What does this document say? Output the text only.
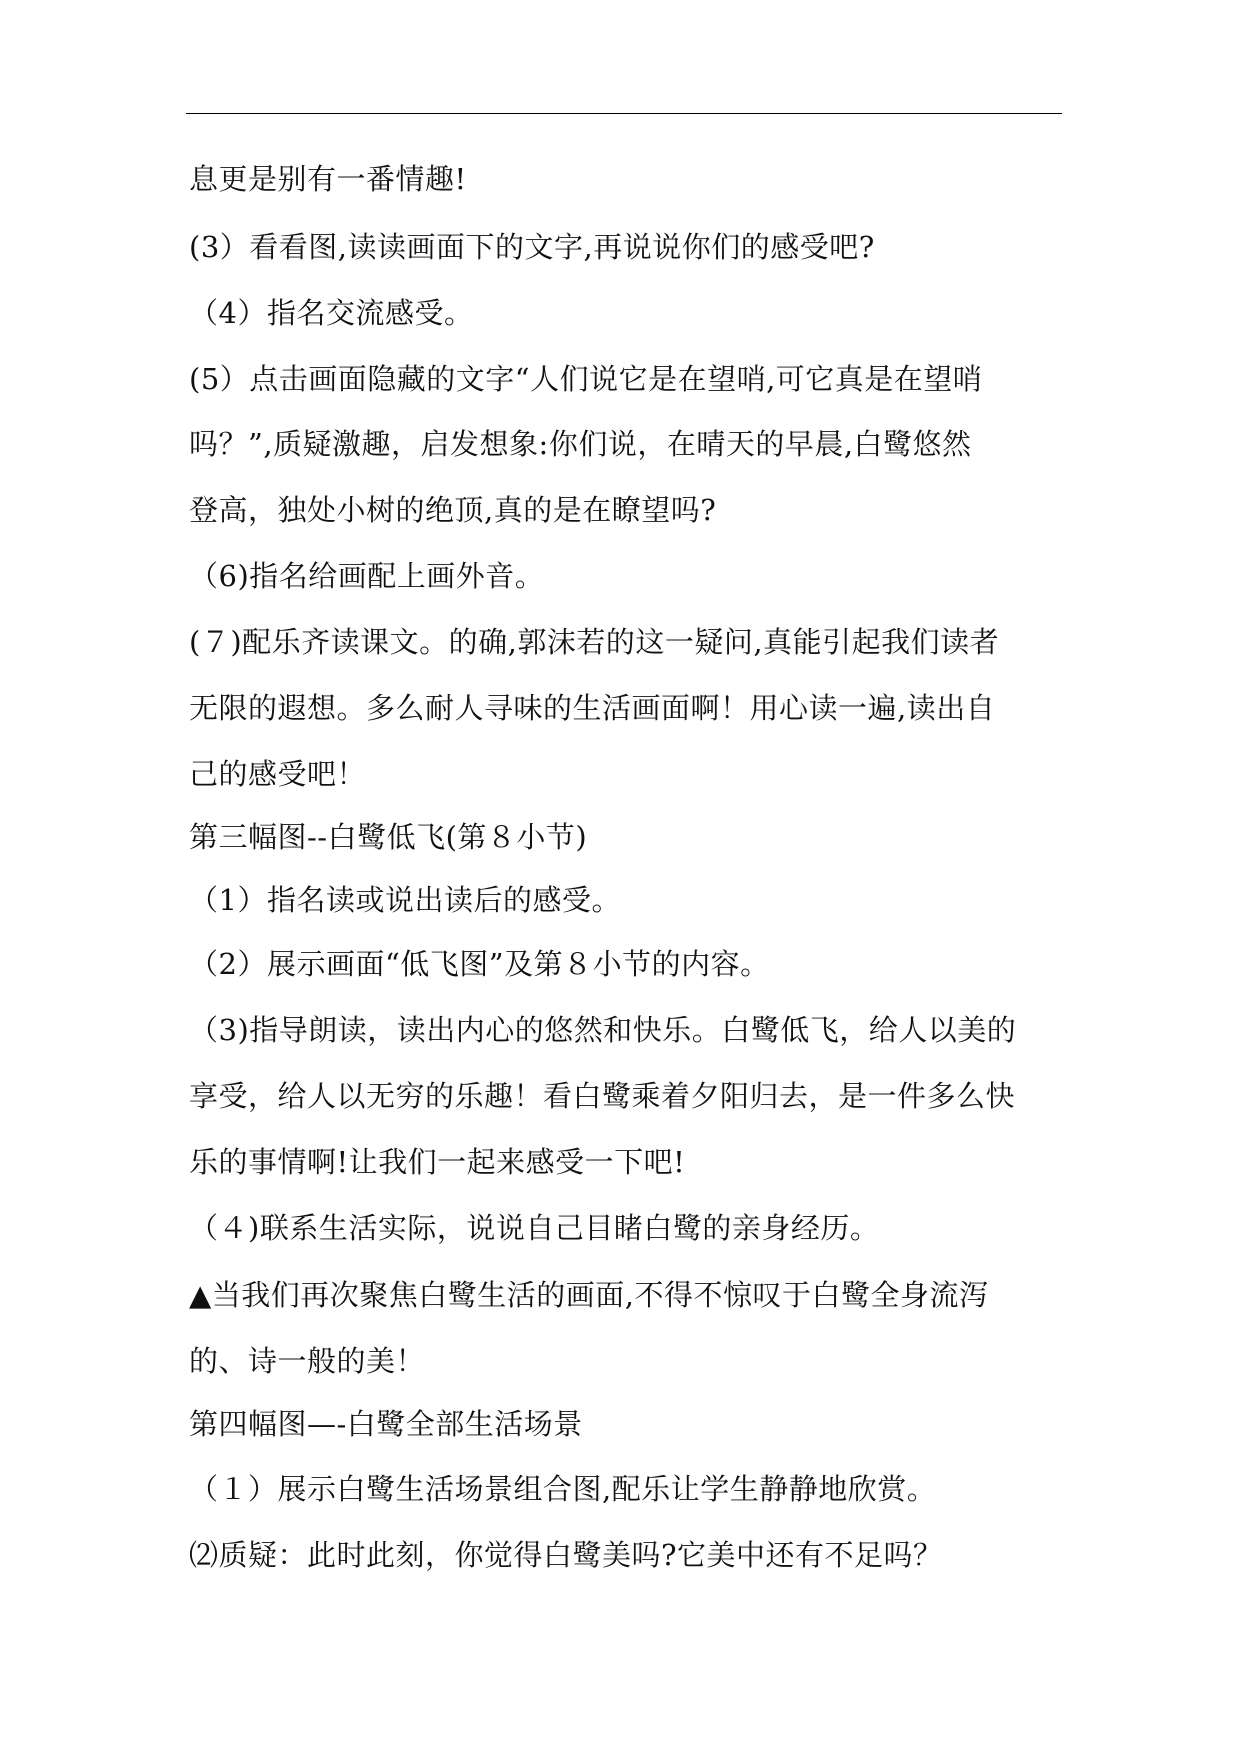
息更是别有一番情趣!
(3）看看图,读读画面下的文字,再说说你们的感受吧?
（4）指名交流感受。
(5）点击画面隐藏的文字“人们说它是在望哨,可它真是在望哨
吗？”,质疑激趣，启发想象:你们说，在晴天的早晨,白鹭悠然
登高，独处小树的绝顶,真的是在瞭望吗?
（6)指名给画配上画外音。
(７)配乐齐读课文。的确,郭沫若的这一疑问,真能引起我们读者
无限的遐想。多么耐人寻味的生活画面啊！用心读一遍,读出自
己的感受吧！
第三幅图--白鹭低飞(第８小节)
（1）指名读或说出读后的感受。
（2）展示画面“低飞图”及第８小节的内容。
（3)指导朗读，读出内心的悠然和快乐。白鹭低飞，给人以美的
享受，给人以无穷的乐趣！看白鹭乘着夕阳归去，是一件多么快
乐的事情啊!让我们一起来感受一下吧!
（４)联系生活实际，说说自己目睹白鹭的亲身经历。
▲当我们再次聚焦白鹭生活的画面,不得不惊叹于白鹭全身流泻
的、诗一般的美！
第四幅图—-白鹭全部生活场景
（１）展示白鹭生活场景组合图,配乐让学生静静地欣赏。
⑵质疑：此时此刻，你觉得白鹭美吗?它美中还有不足吗？
